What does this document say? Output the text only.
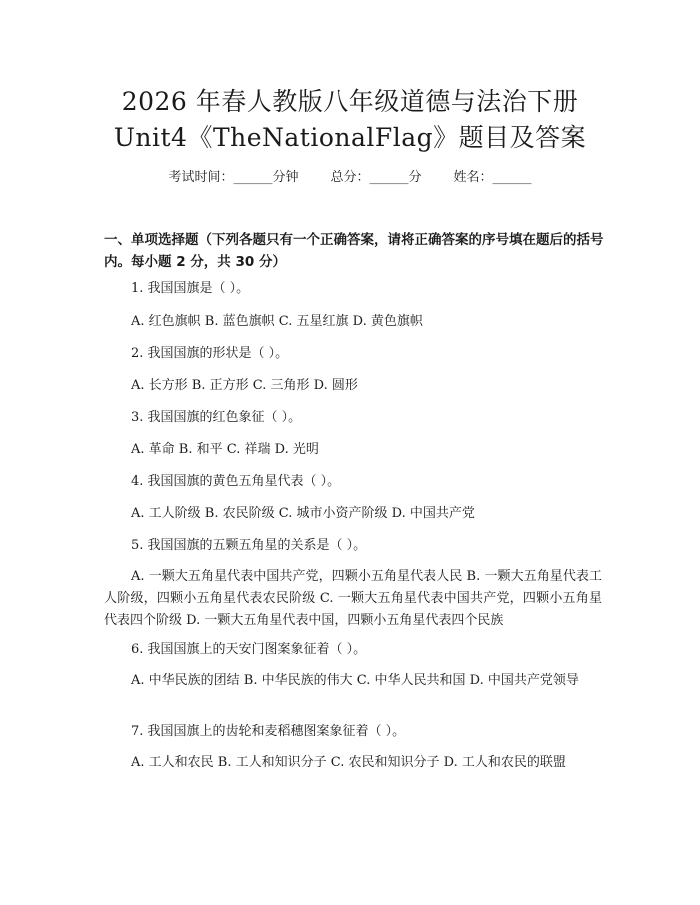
2026 年春人教版八年级道德与法治下册
Unit4《TheNationalFlag》题目及答案
考试时间：______分钟 总分：______分 姓名：______
一、单项选择题（下列各题只有一个正确答案，请将正确答案的序号填在题后的括号内。每小题 2 分，共 30 分）
1. 我国国旗是（ ）。
A. 红色旗帜 B. 蓝色旗帜 C. 五星红旗 D. 黄色旗帜
2. 我国国旗的形状是（ ）。
A. 长方形 B. 正方形 C. 三角形 D. 圆形
3. 我国国旗的红色象征（ ）。
A. 革命 B. 和平 C. 祥瑞 D. 光明
4. 我国国旗的黄色五角星代表（ ）。
A. 工人阶级 B. 农民阶级 C. 城市小资产阶级 D. 中国共产党
5. 我国国旗的五颗五角星的关系是（ ）。
A. 一颗大五角星代表中国共产党，四颗小五角星代表人民 B. 一颗大五角星代表工人阶级，四颗小五角星代表农民阶级 C. 一颗大五角星代表中国共产党，四颗小五角星代表四个阶级 D. 一颗大五角星代表中国，四颗小五角星代表四个民族
6. 我国国旗上的天安门图案象征着（ ）。
A. 中华民族的团结 B. 中华民族的伟大 C. 中华人民共和国 D. 中国共产党领导
7. 我国国旗上的齿轮和麦稻穗图案象征着（ ）。
A. 工人和农民 B. 工人和知识分子 C. 农民和知识分子 D. 工人和农民的联盟
